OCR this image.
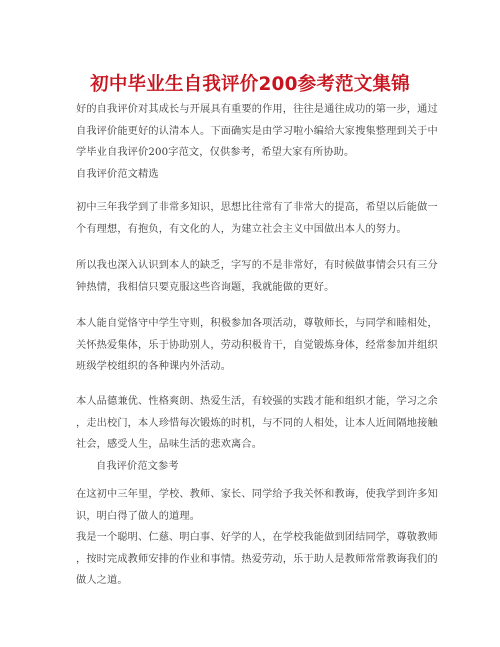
初中毕业生自我评价200参考范文集锦
好的自我评价对其成长与开展具有重要的作用，往往是通往成功的第一步，通过
自我评价能更好的认清本人。下面确实是由学习啦小编给大家搜集整理到关于中
学毕业自我评价200字范文，仅供参考，希望大家有所协助。
自我评价范文精选
初中三年我学到了非常多知识，思想比往常有了非常大的提高，希望以后能做一
个有理想，有抱负，有文化的人，为建立社会主义中国做出本人的努力。
所以我也深入认识到本人的缺乏，字写的不是非常好，有时候做事情会只有三分
钟热情，我相信只要克服这些咨询题，我就能做的更好。
本人能自觉恪守中学生守则，积极参加各项活动，尊敬师长，与同学和睦相处，
关怀热爱集体，乐于协助别人，劳动积极肯干，自觉锻炼身体，经常参加并组织
班级学校组织的各种课内外活动。
本人品德兼优、性格爽朗、热爱生活，有较强的实践才能和组织才能，学习之余
，走出校门，本人珍惜每次锻炼的时机，与不同的人相处，让本人近间隔地接触
社会，感受人生，品味生活的悲欢离合。
自我评价范文参考
在这初中三年里，学校、教师、家长、同学给予我关怀和教诲，使我学到许多知
识，明白得了做人的道理。
我是一个聪明、仁慈、明白事、好学的人，在学校我能做到团结同学，尊敬教师
，按时完成教师安排的作业和事情。热爱劳动，乐于助人是教师常常教诲我们的
做人之道。
